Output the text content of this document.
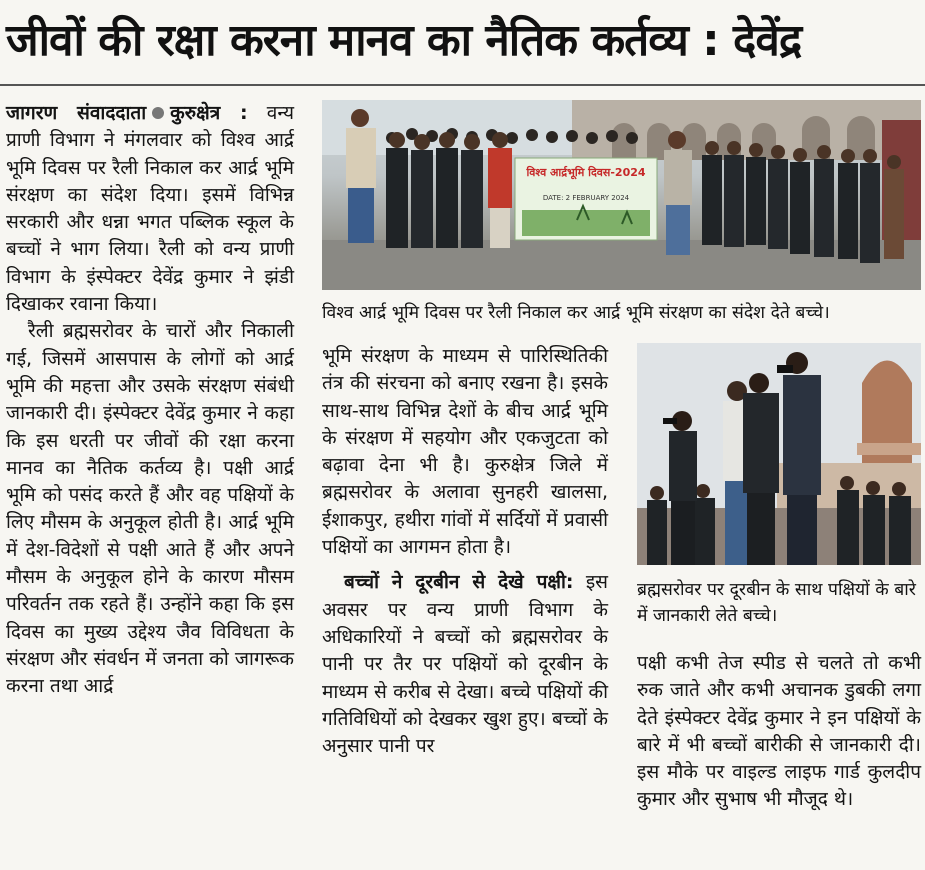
जीवों की रक्षा करना मानव का नैतिक कर्तव्य : देवेंद्र

जागरण संवाददाता कुरुक्षेत्र : वन्य प्राणी विभाग ने मंगलवार को विश्व आर्द्र भूमि दिवस पर रैली निकाल कर आर्द्र भूमि संरक्षण का संदेश दिया। इसमें विभिन्न सरकारी और धन्ना भगत पब्लिक स्कूल के बच्चों ने भाग लिया। रैली को वन्य प्राणी विभाग के इंस्पेक्टर देवेंद्र कुमार ने झंडी दिखाकर रवाना किया।

रैली ब्रह्मसरोवर के चारों और निकाली गई, जिसमें आसपास के लोगों को आर्द्र भूमि की महत्ता और उसके संरक्षण संबंधी जानकारी दी। इंस्पेक्टर देवेंद्र कुमार ने कहा कि इस धरती पर जीवों की रक्षा करना मानव का नैतिक कर्तव्य है। पक्षी आर्द्र भूमि को पसंद करते हैं और वह पक्षियों के लिए मौसम के अनुकूल होती है। आर्द्र भूमि में देश-विदेशों से पक्षी आते हैं और अपने मौसम के अनुकूल होने के कारण मौसम परिवर्तन तक रहते हैं। उन्होंने कहा कि इस दिवस का मुख्य उद्देश्य जैव विविधता के संरक्षण और संवर्धन में जनता को जागरूक करना तथा आर्द्र

विश्व आर्द्रभूमि दिवस-2024
DATE: 2 FEBRUARY 2024
विश्व आर्द्र भूमि दिवस पर रैली निकाल कर आर्द्र भूमि संरक्षण का संदेश देते बच्चे।

भूमि संरक्षण के माध्यम से पारिस्थितिकी तंत्र की संरचना को बनाए रखना है। इसके साथ-साथ विभिन्न देशों के बीच आर्द्र भूमि के संरक्षण में सहयोग और एकजुटता को बढ़ावा देना भी है। कुरुक्षेत्र जिले में ब्रह्मसरोवर के अलावा सुनहरी खालसा, ईशाकपुर, हथीरा गांवों में सर्दियों में प्रवासी पक्षियों का आगमन होता है।

बच्चों ने दूरबीन से देखे पक्षी: इस अवसर पर वन्य प्राणी विभाग के अधिकारियों ने बच्चों को ब्रह्मसरोवर के पानी पर तैर पर पक्षियों को दूरबीन के माध्यम से करीब से देखा। बच्चे पक्षियों की गतिविधियों को देखकर खुश हुए। बच्चों के अनुसार पानी पर

ब्रह्मसरोवर पर दूरबीन के साथ पक्षियों के बारे में जानकारी लेते बच्चे।

पक्षी कभी तेज स्पीड से चलते तो कभी रुक जाते और कभी अचानक डुबकी लगा देते इंस्पेक्टर देवेंद्र कुमार ने इन पक्षियों के बारे में भी बच्चों बारीकी से जानकारी दी। इस मौके पर वाइल्ड लाइफ गार्ड कुलदीप कुमार और सुभाष भी मौजूद थे।
